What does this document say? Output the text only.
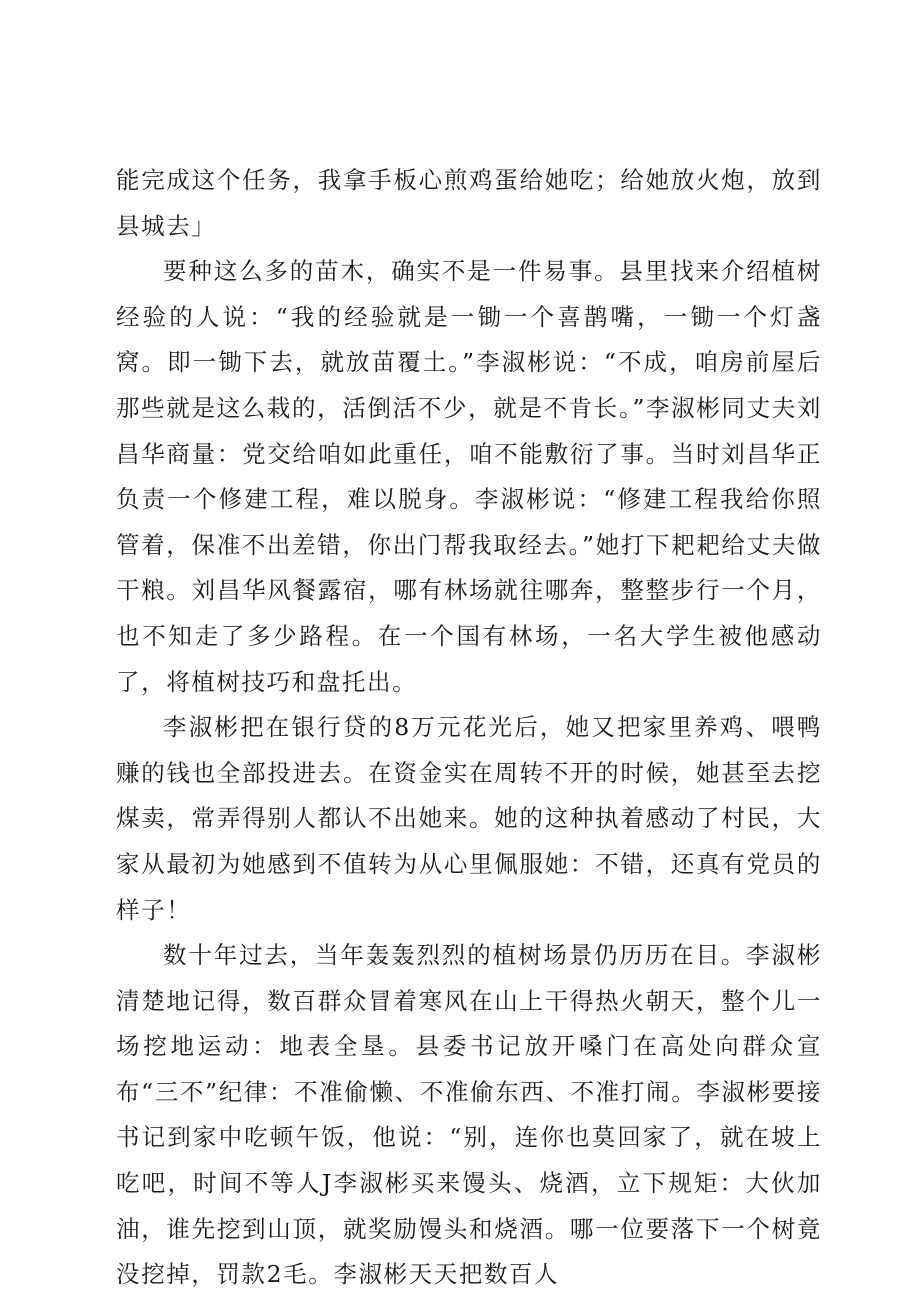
能完成这个任务，我拿手板心煎鸡蛋给她吃；给她放火炮，放到县城去」

要种这么多的苗木，确实不是一件易事。县里找来介绍植树经验的人说：“我的经验就是一锄一个喜鹊嘴，一锄一个灯盏窝。即一锄下去，就放苗覆土。”李淑彬说：“不成，咱房前屋后那些就是这么栽的，活倒活不少，就是不肯长。”李淑彬同丈夫刘昌华商量：党交给咱如此重任，咱不能敷衍了事。当时刘昌华正负责一个修建工程，难以脱身。李淑彬说：“修建工程我给你照管着，保准不出差错，你出门帮我取经去。”她打下耙耙给丈夫做干粮。刘昌华风餐露宿，哪有林场就往哪奔，整整步行一个月，也不知走了多少路程。在一个国有林场，一名大学生被他感动了，将植树技巧和盘托出。

李淑彬把在银行贷的8万元花光后，她又把家里养鸡、喂鸭赚的钱也全部投进去。在资金实在周转不开的时候，她甚至去挖煤卖，常弄得别人都认不出她来。她的这种执着感动了村民，大家从最初为她感到不值转为从心里佩服她：不错，还真有党员的样子！

数十年过去，当年轰轰烈烈的植树场景仍历历在目。李淑彬清楚地记得，数百群众冒着寒风在山上干得热火朝天，整个儿一场挖地运动：地表全垦。县委书记放开嗓门在高处向群众宣布“三不”纪律：不准偷懒、不准偷东西、不准打闹。李淑彬要接书记到家中吃顿午饭，他说：“别，连你也莫回家了，就在坡上吃吧，时间不等人J李淑彬买来馒头、烧酒，立下规矩：大伙加油，谁先挖到山顶，就奖励馒头和烧酒。哪一位要落下一个树竟没挖掉，罚款2毛。李淑彬天天把数百人
